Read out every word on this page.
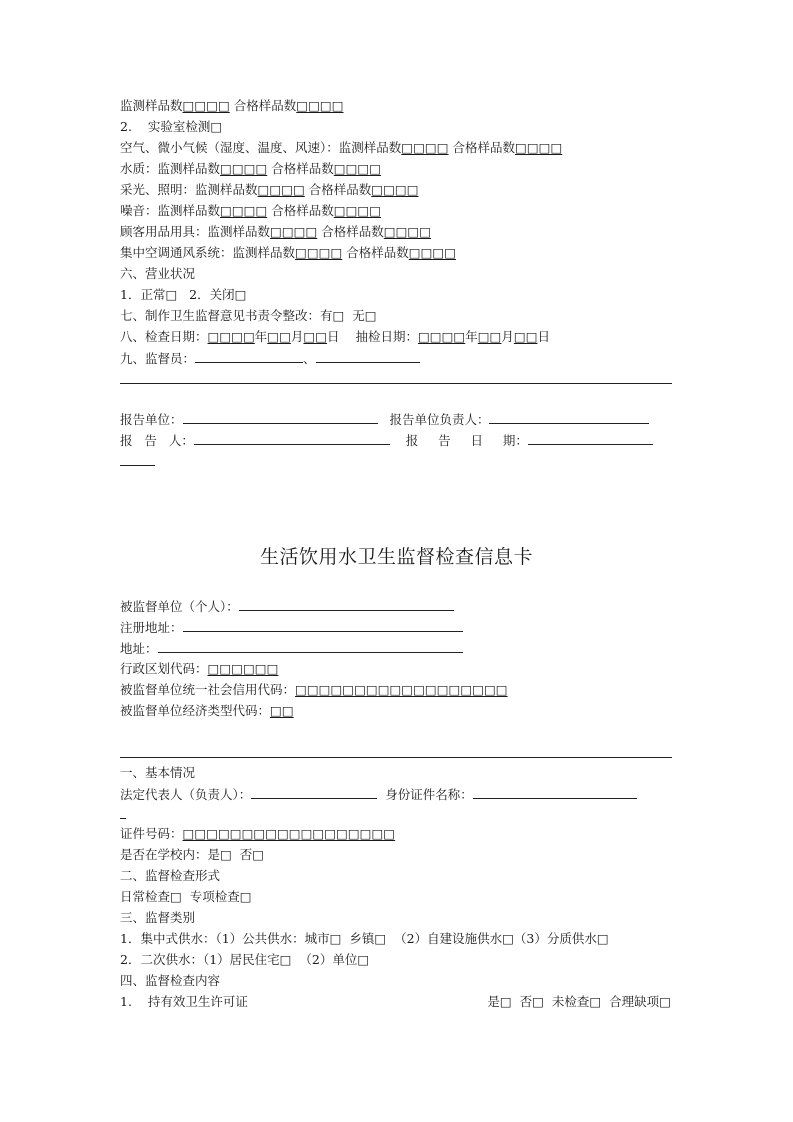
监测样品数□□□□ 合格样品数□□□□
2.    实验室检测□
空气、微小气候（湿度、温度、风速）：监测样品数□□□□ 合格样品数□□□□
水质：监测样品数□□□□ 合格样品数□□□□
采光、照明：监测样品数□□□□ 合格样品数□□□□
噪音：监测样品数□□□□ 合格样品数□□□□
顾客用品用具：监测样品数□□□□ 合格样品数□□□□
集中空调通风系统：监测样品数□□□□ 合格样品数□□□□
六、营业状况
1．正常□   2．关闭□
七、制作卫生监督意见书责令整改：有□  无□
八、检查日期：□□□□年□□月□□日 抽检日期：□□□□年□□月□□日
九、监督员：	、
报告单位：	报告单位负责人：
报   告   人：	报     告     日     期：
生活饮用水卫生监督检查信息卡
被监督单位（个人）：
注册地址：
地址：
行政区划代码：□□□□□□
被监督单位统一社会信用代码：□□□□□□□□□□□□□□□□□□
被监督单位经济类型代码：□□
一、基本情况
法定代表人（负责人）：	身份证件名称：
证件号码：□□□□□□□□□□□□□□□□□□
是否在学校内：是□  否□
二、监督检查形式
日常检查□  专项检查□
三、监督类别
1．集中式供水：（1）公共供水：城市□  乡镇□  （2）自建设施供水□（3）分质供水□
2．二次供水：（1）居民住宅□  （2）单位□
四、监督检查内容
1.    持有效卫生许可证	是□  否□  未检查□  合理缺项□
